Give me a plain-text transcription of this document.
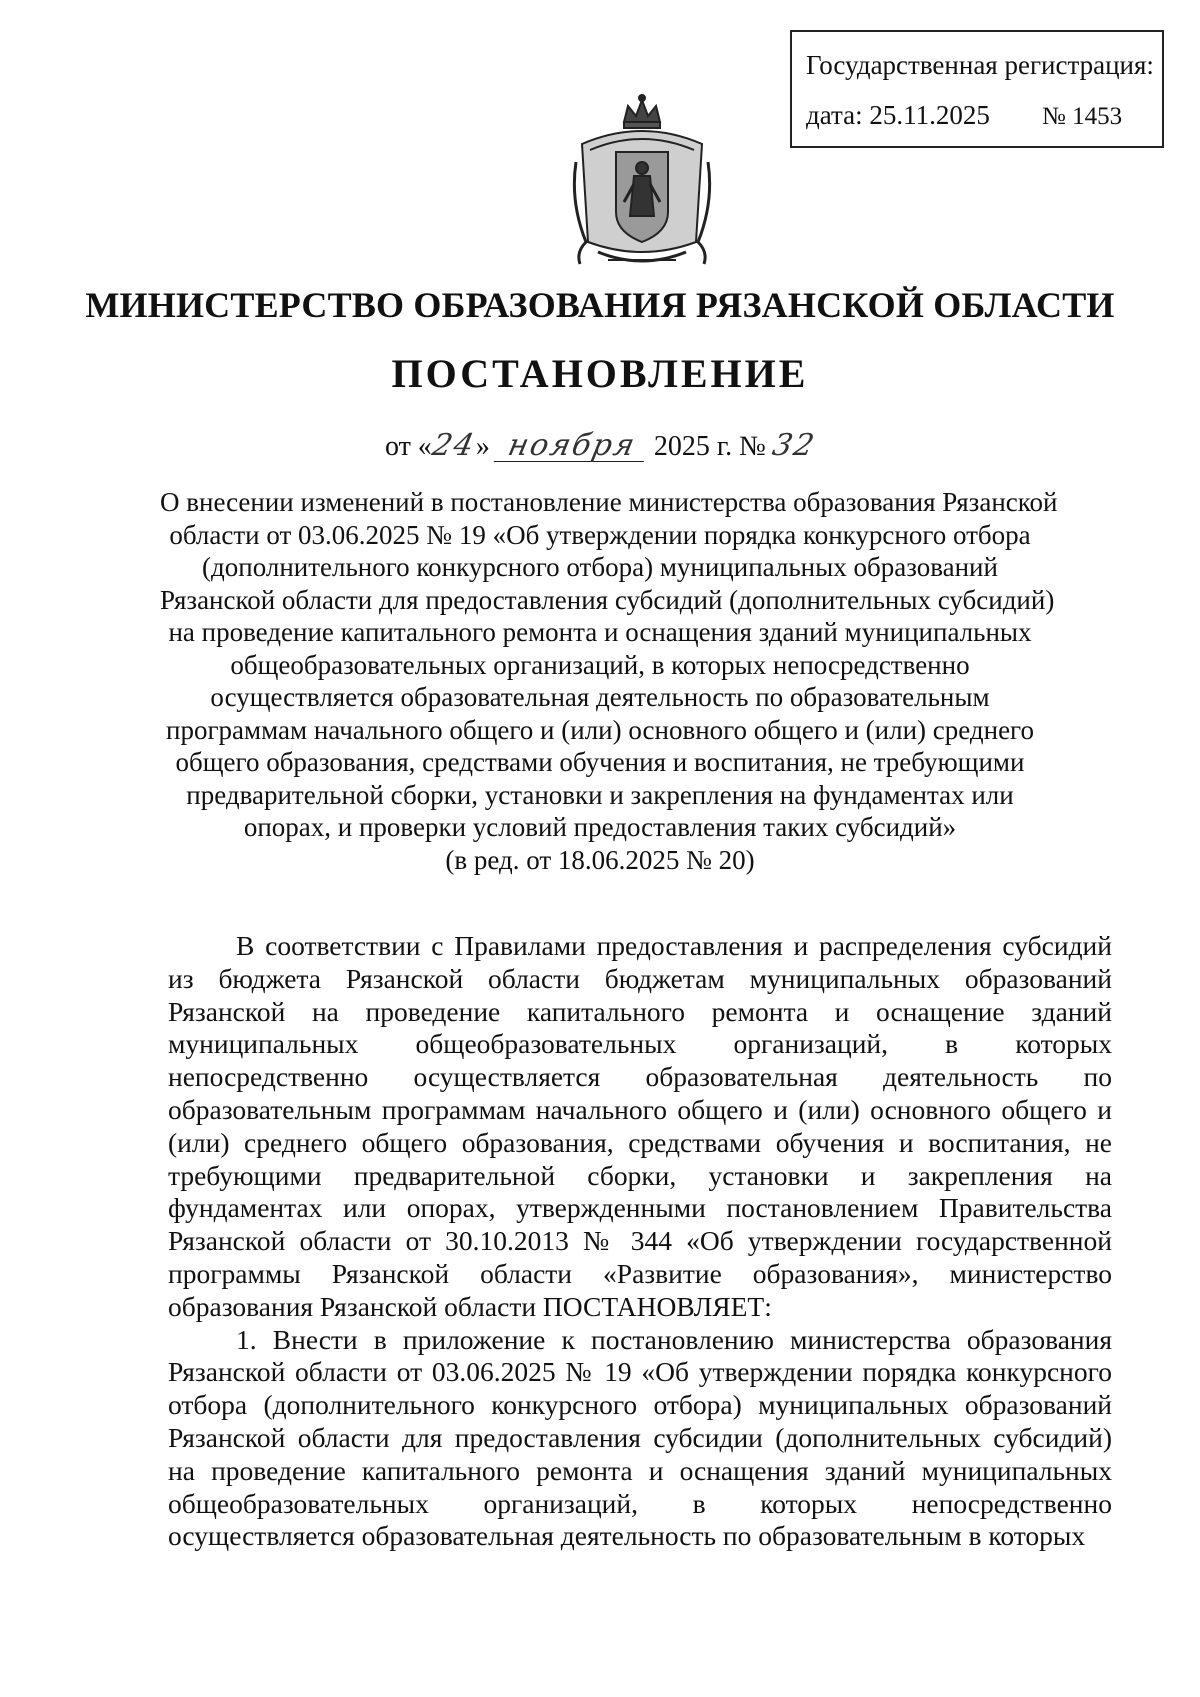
Государственная регистрация:
дата: 25.11.2025 № 1453
МИНИСТЕРСТВО ОБРАЗОВАНИЯ РЯЗАНСКОЙ ОБЛАСТИ
ПОСТАНОВЛЕНИЕ
от «24» ноября 2025 г. № 32
О внесении изменений в постановление министерства образования Рязанской
области от 03.06.2025 № 19 «Об утверждении порядка конкурсного отбора
(дополнительного конкурсного отбора) муниципальных образований
Рязанской области для предоставления субсидий (дополнительных субсидий)
на проведение капитального ремонта и оснащения зданий муниципальных
общеобразовательных организаций, в которых непосредственно
осуществляется образовательная деятельность по образовательным
программам начального общего и (или) основного общего и (или) среднего
общего образования, средствами обучения и воспитания, не требующими
предварительной сборки, установки и закрепления на фундаментах или
опорах, и проверки условий предоставления таких субсидий»
(в ред. от 18.06.2025 № 20)

В соответствии с Правилами предоставления и распределения субсидий из бюджета Рязанской области бюджетам муниципальных образований Рязанской на проведение капитального ремонта и оснащение зданий муниципальных общеобразовательных организаций, в которых непосредственно осуществляется образовательная деятельность по образовательным программам начального общего и (или) основного общего и (или) среднего общего образования, средствами обучения и воспитания, не требующими предварительной сборки, установки и закрепления на фундаментах или опорах, утвержденными постановлением Правительства Рязанской области от 30.10.2013 № 344 «Об утверждении государственной программы Рязанской области «Развитие образования», министерство образования Рязанской области ПОСТАНОВЛЯЕТ:

1. Внести в приложение к постановлению министерства образования Рязанской области от 03.06.2025 № 19 «Об утверждении порядка конкурсного отбора (дополнительного конкурсного отбора) муниципальных образований Рязанской области для предоставления субсидии (дополнительных субсидий) на проведение капитального ремонта и оснащения зданий муниципальных общеобразовательных организаций, в которых непосредственно осуществляется образовательная деятельность по образовательным в которых
